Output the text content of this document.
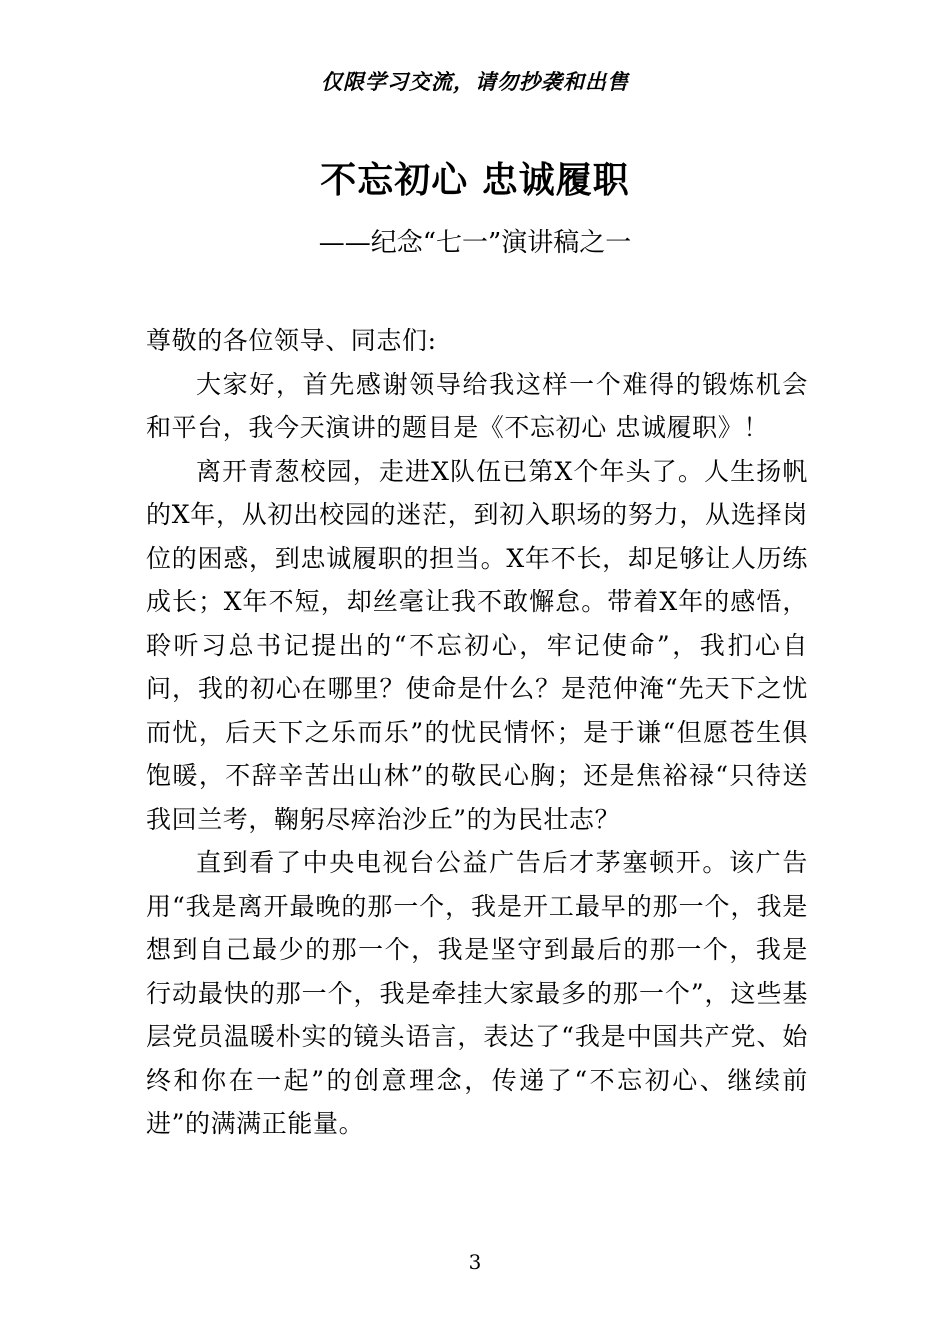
仅限学习交流，请勿抄袭和出售
不忘初心 忠诚履职
——纪念“七一”演讲稿之一

尊敬的各位领导、同志们:

大家好，首先感谢领导给我这样一个难得的锻炼机会和平台，我今天演讲的题目是《不忘初心 忠诚履职》！

离开青葱校园，走进X队伍已第X个年头了。人生扬帆的X年，从初出校园的迷茫，到初入职场的努力，从选择岗位的困惑，到忠诚履职的担当。X年不长，却足够让人历练成长；X年不短，却丝毫让我不敢懈怠。带着X年的感悟，聆听习总书记提出的“不忘初心，牢记使命”，我扪心自问，我的初心在哪里？使命是什么？是范仲淹“先天下之忧而忧，后天下之乐而乐”的忧民情怀；是于谦“但愿苍生俱饱暖，不辞辛苦出山林”的敬民心胸；还是焦裕禄“只待送我回兰考，鞠躬尽瘁治沙丘”的为民壮志？

直到看了中央电视台公益广告后才茅塞顿开。该广告用“我是离开最晚的那一个，我是开工最早的那一个，我是想到自己最少的那一个，我是坚守到最后的那一个，我是行动最快的那一个，我是牵挂大家最多的那一个”，这些基层党员温暖朴实的镜头语言，表达了“我是中国共产党、始终和你在一起”的创意理念，传递了“不忘初心、继续前进”的满满正能量。

3
